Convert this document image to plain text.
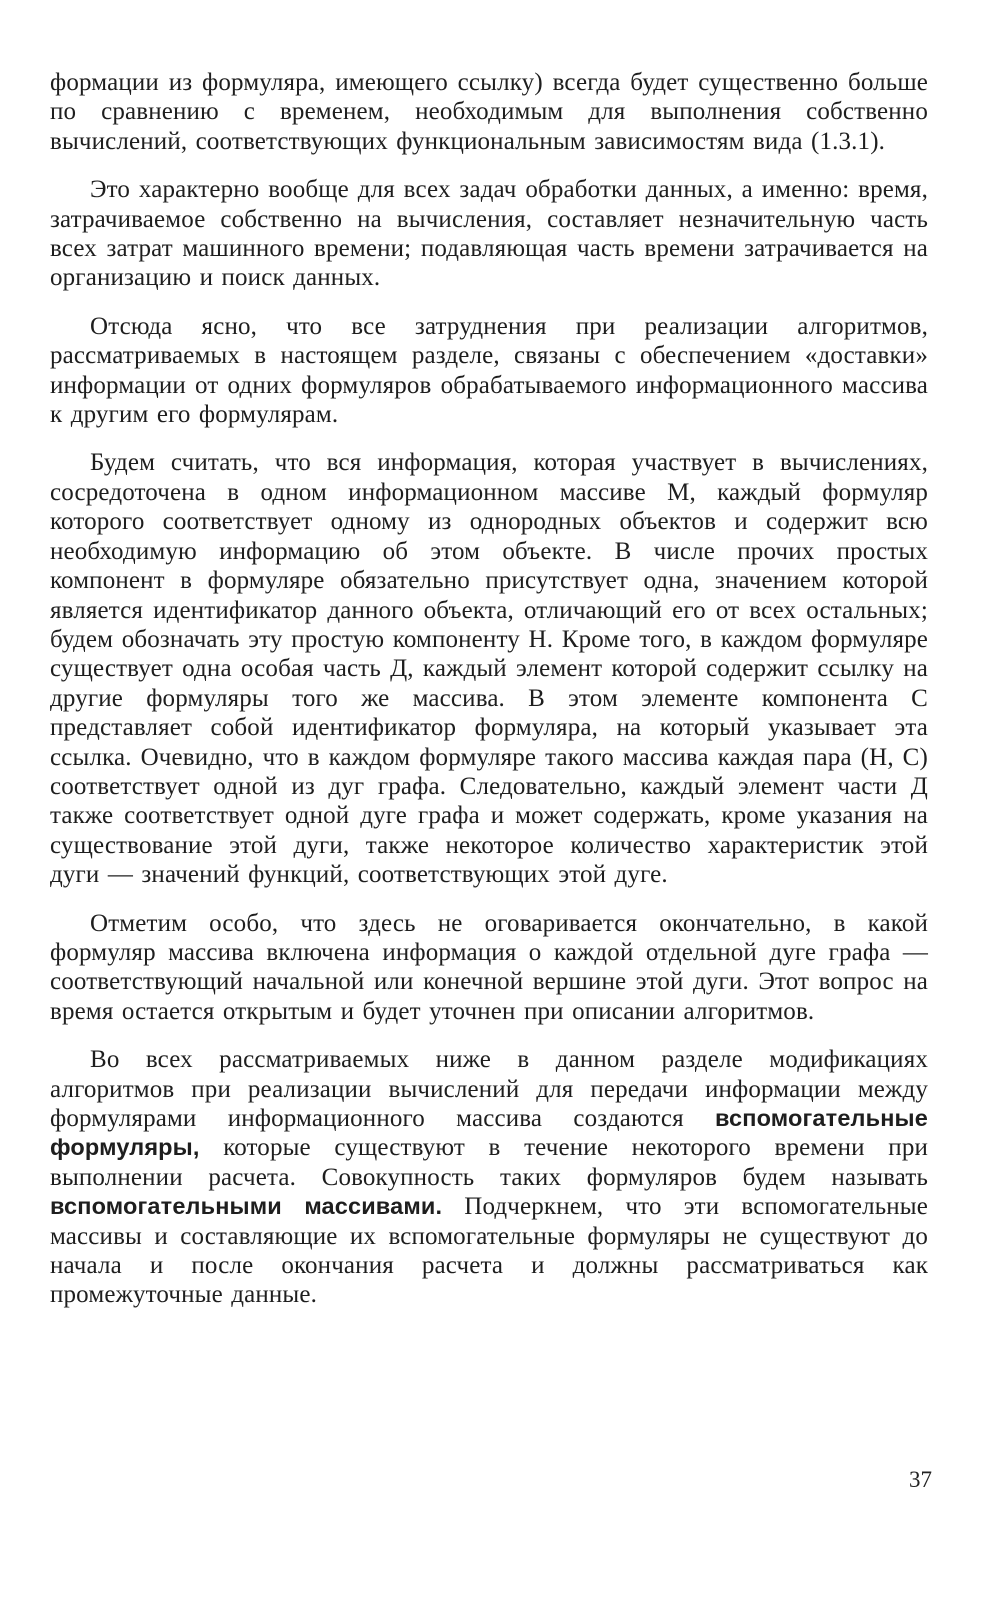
формации из формуляра, имеющего ссылку) всегда будет существенно больше по сравнению с временем, необходимым для выполнения собственно вычислений, соответствующих функциональным зависимостям вида (1.3.1).

Это характерно вообще для всех задач обработки данных, а именно: время, затрачиваемое собственно на вычисления, составляет незначительную часть всех затрат машинного времени; подавляющая часть времени затрачивается на организацию и поиск данных.

Отсюда ясно, что все затруднения при реализации алгоритмов, рассматриваемых в настоящем разделе, связаны с обеспечением «доставки» информации от одних формуляров обрабатываемого информационного массива к другим его формулярам.

Будем считать, что вся информация, которая участвует в вычислениях, сосредоточена в одном информационном массиве М, каждый формуляр которого соответствует одному из однородных объектов и содержит всю необходимую информацию об этом объекте. В числе прочих простых компонент в формуляре обязательно присутствует одна, значением которой является идентификатор данного объекта, отличающий его от всех остальных; будем обозначать эту простую компоненту Н. Кроме того, в каждом формуляре существует одна особая часть Д, каждый элемент которой содержит ссылку на другие формуляры того же массива. В этом элементе компонента С представляет собой идентификатор формуляра, на который указывает эта ссылка. Очевидно, что в каждом формуляре такого массива каждая пара (Н, С) соответствует одной из дуг графа. Следовательно, каждый элемент части Д также соответствует одной дуге графа и может содержать, кроме указания на существование этой дуги, также некоторое количество характеристик этой дуги — значений функций, соответствующих этой дуге.

Отметим особо, что здесь не оговаривается окончательно, в какой формуляр массива включена информация о каждой отдельной дуге графа — соответствующий начальной или конечной вершине этой дуги. Этот вопрос на время остается открытым и будет уточнен при описании алгоритмов.

Во всех рассматриваемых ниже в данном разделе модификациях алгоритмов при реализации вычислений для передачи информации между формулярами информационного массива создаются вспомогательные формуляры, которые существуют в течение некоторого времени при выполнении расчета. Совокупность таких формуляров будем называть вспомогательными массивами. Подчеркнем, что эти вспомогательные массивы и составляющие их вспомогательные формуляры не существуют до начала и после окончания расчета и должны рассматриваться как промежуточные данные.

37
